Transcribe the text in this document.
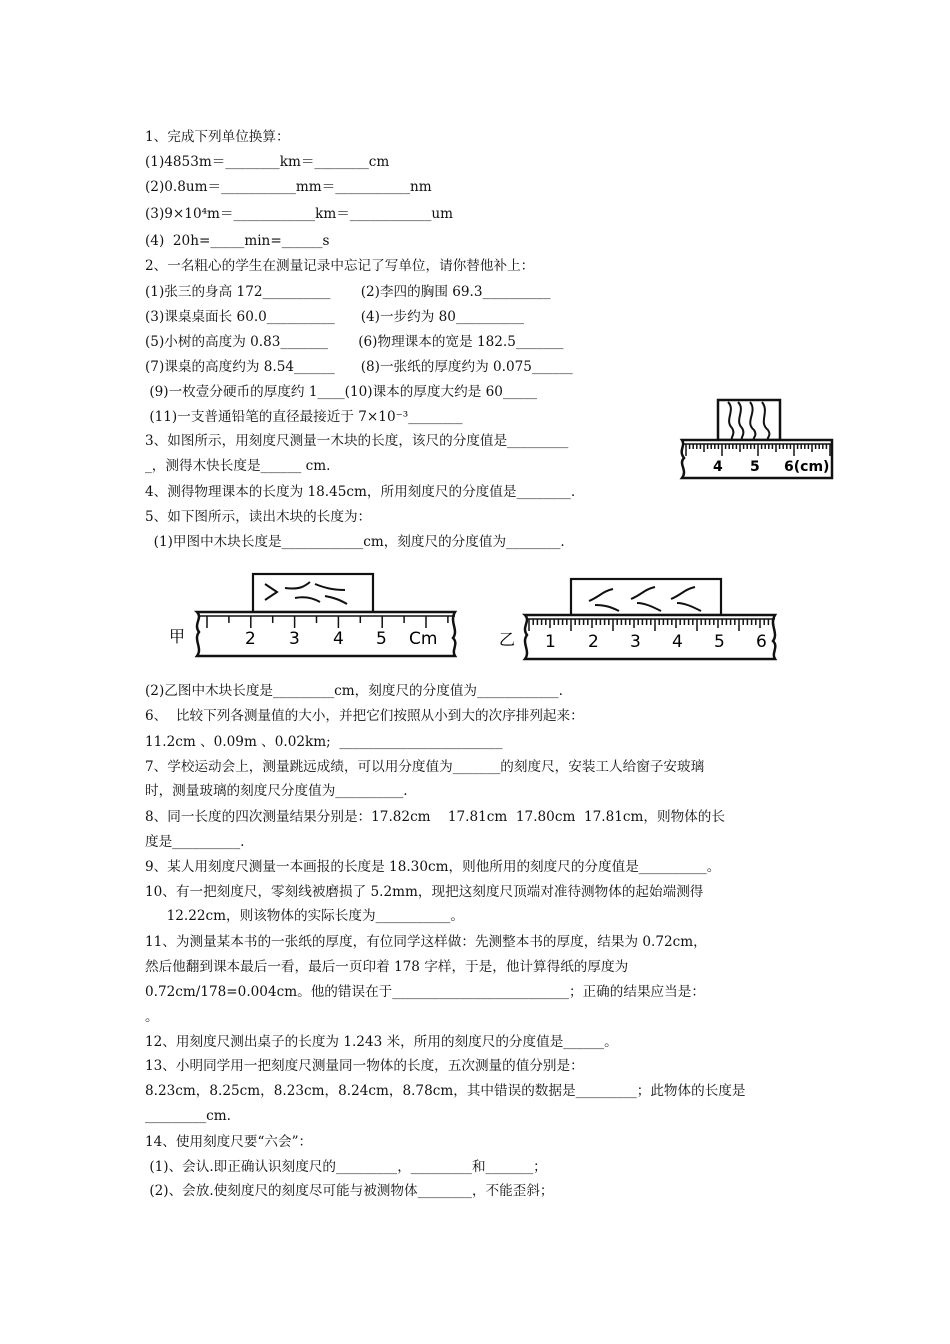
1、完成下列单位换算：
(1)4853m＝________km＝________cm
(2)0.8um＝___________mm＝___________nm
(3)9×10⁴m＝____________km＝____________um
(4)  20h=_____min=______s
2、一名粗心的学生在测量记录中忘记了写单位，请你替他补上：
(1)张三的身高 172__________       (2)李四的胸围 69.3__________
(3)课桌桌面长 60.0__________      (4)一步约为 80__________
(5)小树的高度为 0.83_______       (6)物理课本的宽是 182.5_______
(7)课桌的高度约为 8.54______      (8)一张纸的厚度约为 0.075______
(9)一枚壹分硬币的厚度约 1____(10)课本的厚度大约是 60_____
(11)一支普通铅笔的直径最接近于 7×10⁻³________
3、如图所示，用刻度尺测量一木块的长度，该尺的分度值是_________
_，测得木快长度是______ cm.
4、测得物理课本的长度为 18.45cm，所用刻度尺的分度值是________.
5、如下图所示，读出木块的长度为：
(1)甲图中木块长度是____________cm，刻度尺的分度值为________.
(2)乙图中木块长度是_________cm，刻度尺的分度值为____________.
6、  比较下列各测量值的大小，并把它们按照从小到大的次序排列起来：
11.2cm 、0.09m 、0.02km;  ________________________
7、学校运动会上，测量跳远成绩，可以用分度值为_______的刻度尺，安装工人给窗子安玻璃
时，测量玻璃的刻度尺分度值为__________.
8、同一长度的四次测量结果分别是：17.82cm    17.81cm  17.80cm  17.81cm，则物体的长
度是__________.
9、某人用刻度尺测量一本画报的长度是 18.30cm，则他所用的刻度尺的分度值是__________。
10、有一把刻度尺，零刻线被磨损了 5.2mm，现把这刻度尺顶端对准待测物体的起始端测得
12.22cm，则该物体的实际长度为___________。
11、为测量某本书的一张纸的厚度，有位同学这样做：先测整本书的厚度，结果为 0.72cm，
然后他翻到课本最后一看，最后一页印着 178 字样，于是，他计算得纸的厚度为
0.72cm/178=0.004cm。他的错误在于__________________________；正确的结果应当是：
。
12、用刻度尺测出桌子的长度为 1.243 米，所用的刻度尺的分度值是______。
13、小明同学用一把刻度尺测量同一物体的长度，五次测量的值分别是：
8.23cm，8.25cm，8.23cm，8.24cm，8.78cm，其中错误的数据是_________；此物体的长度是
_________cm.
14、使用刻度尺要“六会”：
(1)、会认.即正确认识刻度尺的_________，_________和_______；
(2)、会放.使刻度尺的刻度尽可能与被测物体________，不能歪斜；
4 5 6(cm)
甲	2 3 4 5 Cm	乙 1 2 3 4 5 6
